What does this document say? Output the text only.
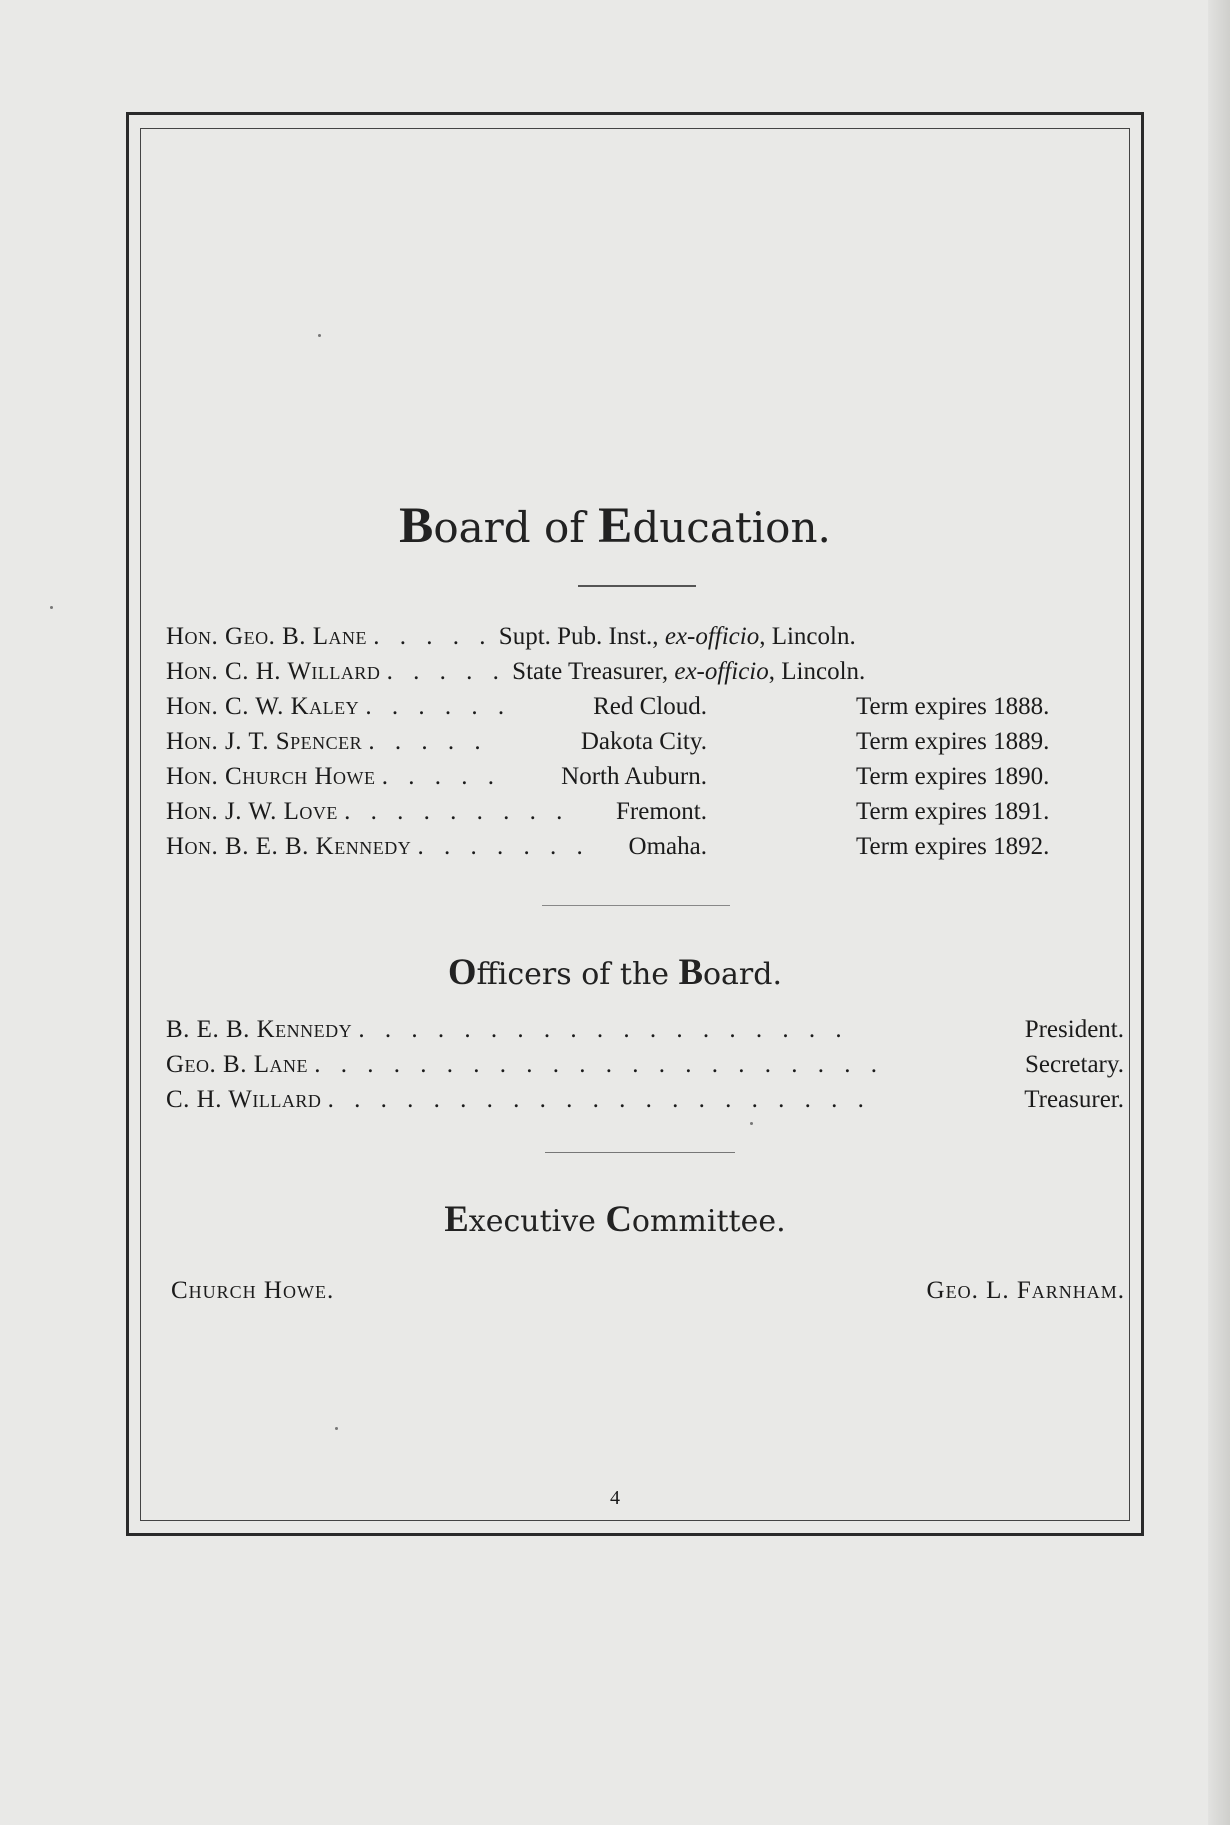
Board of Education.
Hon. Geo. B. Lane . . . . . Supt. Pub. Inst., ex-officio, Lincoln.
Hon. C. H. Willard . . . . . State Treasurer, ex-officio, Lincoln.
Hon. C. W. Kaley . . . . . .	Red Cloud.	Term expires 1888.
Hon. J. T. Spencer . . . . .	Dakota City.	Term expires 1889.
Hon. Church Howe . . . . . North Auburn.	Term expires 1890.
Hon. J. W. Love . . . . . . . . . Fremont.	Term expires 1891.
Hon. B. E. B. Kennedy . . . . . . . Omaha.	Term expires 1892.
Officers of the Board.
B. E. B. Kennedy . . . . . . . . . . . . . . . . . . .	President.
Geo. B. Lane . . . . . . . . . . . . . . . . . . . . . .	Secretary.
C. H. Willard . . . . . . . . . . . . . . . . . . . . .	Treasurer.
Executive Committee.
Church Howe.	Geo. L. Farnham.
4
